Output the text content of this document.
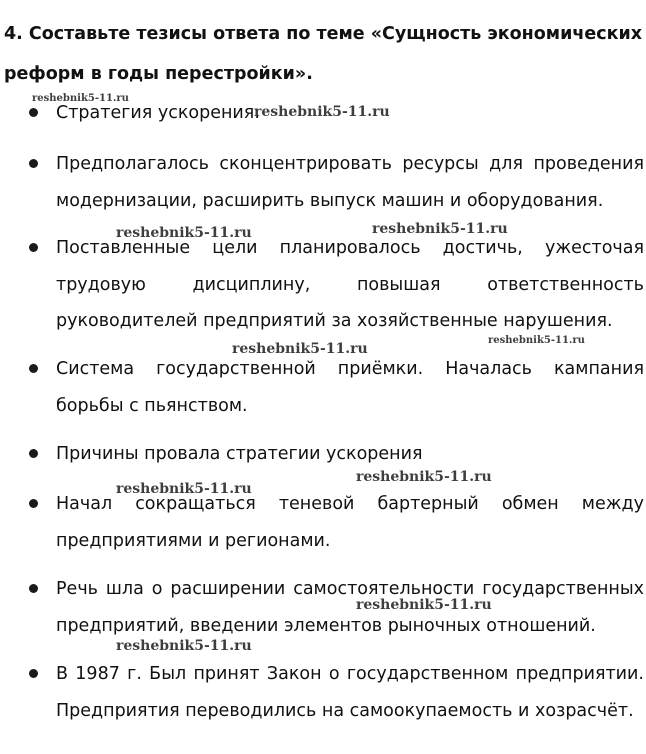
4. Составьте тезисы ответа по теме «Сущность экономических реформ в годы перестройки».
Стратегия ускорения.
Предполагалось сконцентрировать ресурсы для проведения модернизации, расширить выпуск машин и оборудования.
Поставленные цели планировалось достичь, ужесточая трудовую дисциплину, повышая ответственность руководителей предприятий за хозяйственные нарушения.
Система государственной приёмки. Началась кампания борьбы с пьянством.
Причины провала стратегии ускорения
Начал сокращаться теневой бартерный обмен между предприятиями и регионами.
Речь шла о расширении самостоятельности государственных предприятий, введении элементов рыночных отношений.
В 1987 г. Был принят Закон о государственном предприятии. Предприятия переводились на самоокупаемость и хозрасчёт.
reshebnik5-11.ru
reshebnik5-11.ru
reshebnik5-11.ru	reshebnik5-11.ru
reshebnik5-11.ru
reshebnik5-11.ru
reshebnik5-11.ru
reshebnik5-11.ru
reshebnik5-11.ru
reshebnik5-11.ru
